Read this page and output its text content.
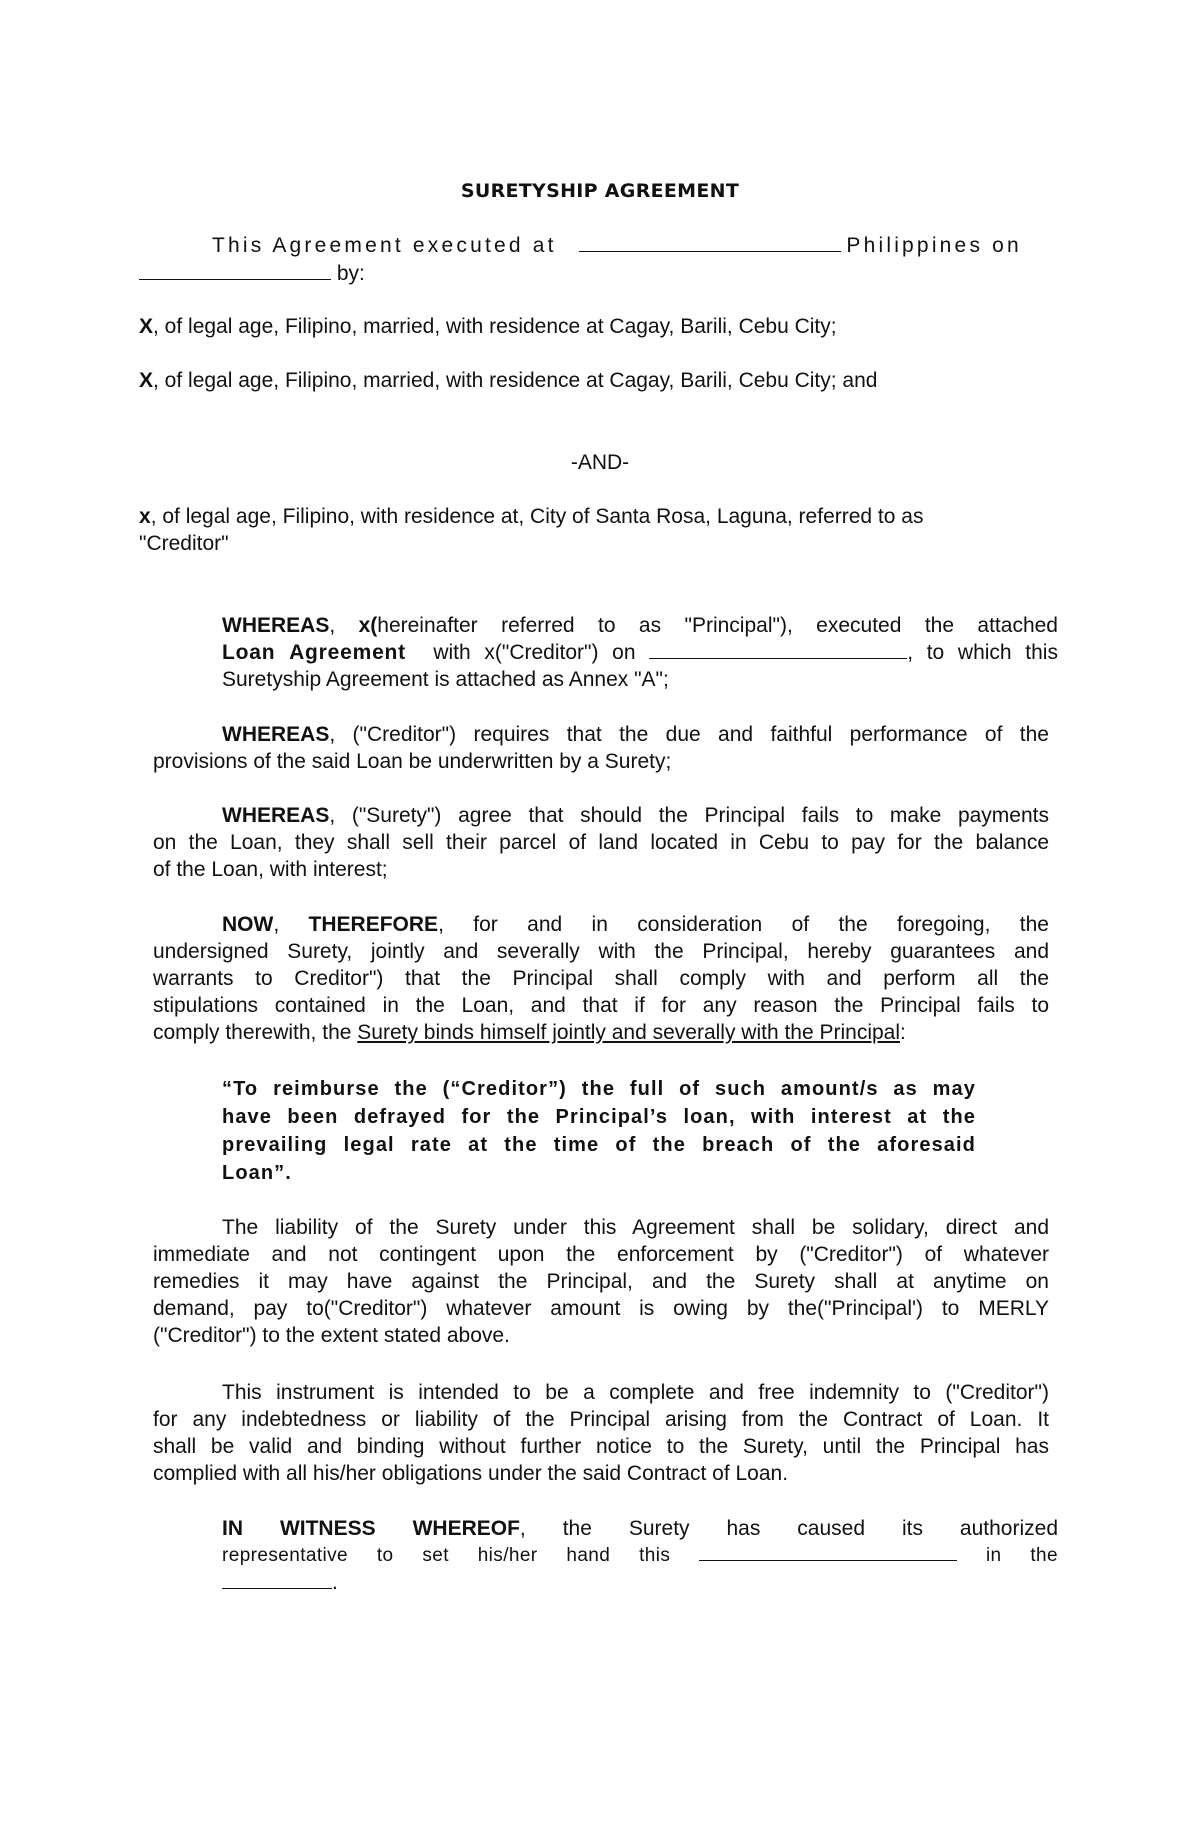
SURETYSHIP AGREEMENT
This Agreement executed at	Philippines on
by:
X, of legal age, Filipino, married, with residence at Cagay, Barili, Cebu City;
X, of legal age, Filipino, married, with residence at Cagay, Barili, Cebu City; and
-AND-
x, of legal age, Filipino, with residence at, City of Santa Rosa, Laguna, referred to as
"Creditor"
WHEREAS, x(hereinafter referred to as "Principal"), executed the attached
Loan Agreement with x("Creditor") on	, to which this
Suretyship Agreement is attached as Annex "A";
WHEREAS, ("Creditor") requires that the due and faithful performance of the
provisions of the said Loan be underwritten by a Surety;
WHEREAS, ("Surety") agree that should the Principal fails to make payments
on the Loan, they shall sell their parcel of land located in Cebu to pay for the balance
of the Loan, with interest;
NOW, THEREFORE, for and in consideration of the foregoing, the
undersigned Surety, jointly and severally with the Principal, hereby guarantees and
warrants to Creditor") that the Principal shall comply with and perform all the
stipulations contained in the Loan, and that if for any reason the Principal fails to
comply therewith, the Surety binds himself jointly and severally with the Principal:
“To reimburse the (“Creditor”) the full of such amount/s as may
have been defrayed for the Principal’s loan, with interest at the
prevailing legal rate at the time of the breach of the aforesaid
Loan”.
The liability of the Surety under this Agreement shall be solidary, direct and
immediate and not contingent upon the enforcement by ("Creditor") of whatever
remedies it may have against the Principal, and the Surety shall at anytime on
demand, pay to("Creditor") whatever amount is owing by the("Principal') to MERLY
("Creditor") to the extent stated above.
This instrument is intended to be a complete and free indemnity to ("Creditor")
for any indebtedness or liability of the Principal arising from the Contract of Loan. It
shall be valid and binding without further notice to the Surety, until the Principal has
complied with all his/her obligations under the said Contract of Loan.
IN WITNESS WHEREOF, the Surety has caused its authorized
representative to set his/her hand this	in the
.
